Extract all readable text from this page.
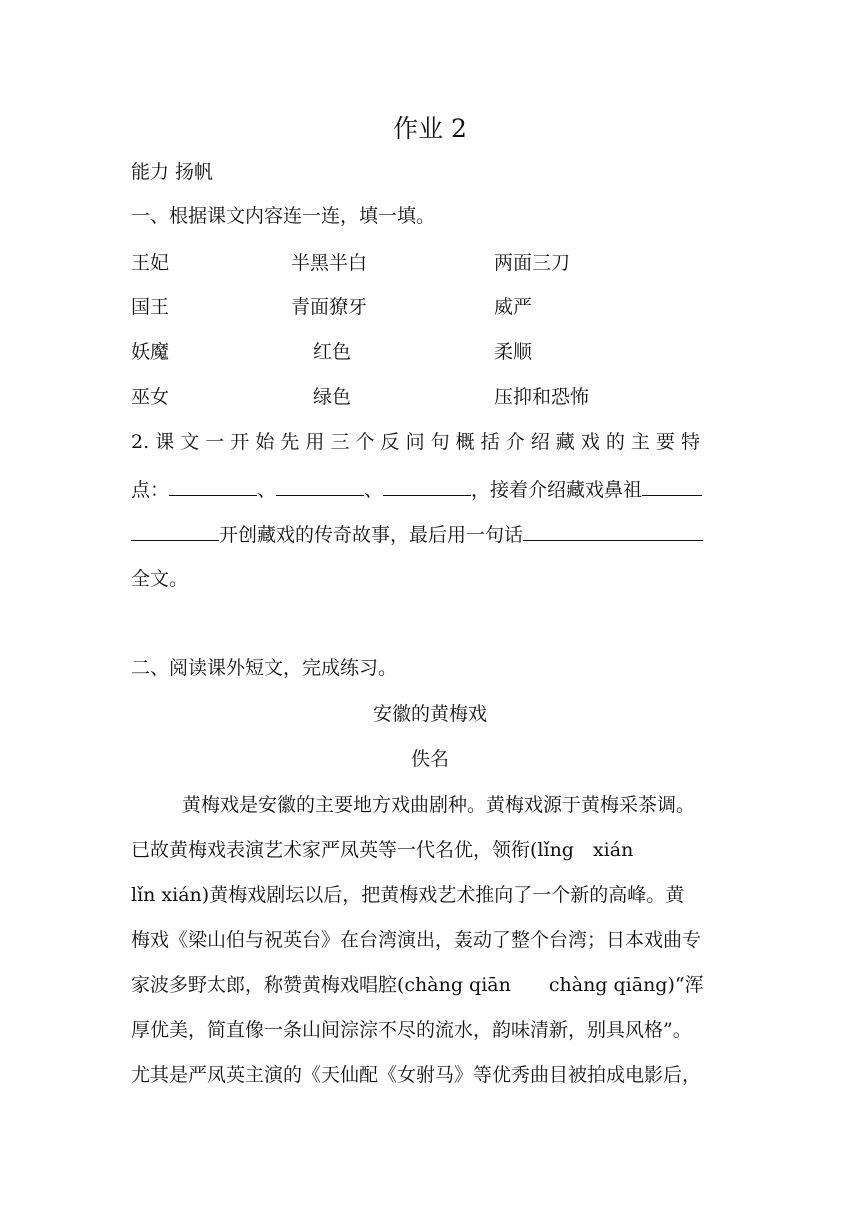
作业 2
能力 扬帆
一、根据课文内容连一连，填一填。
王妃	半黑半白	两面三刀
国王	青面獠牙	威严
妖魔	红色	柔顺
巫女	绿色	压抑和恐怖
2. 课 文 一 开 始 先 用 三 个 反 问 句 概 括 介 绍 藏 戏 的 主 要 特
点：	、	、	，接着介绍藏戏鼻祖
开创藏戏的传奇故事，最后用一句话
全文。
二、阅读课外短文，完成练习。
安徽的黄梅戏
佚名
黄梅戏是安徽的主要地方戏曲剧种。黄梅戏源于黄梅采茶调。
已故黄梅戏表演艺术家严凤英等一代名优，领衔(lǐng　xián
lǐn xián)黄梅戏剧坛以后，把黄梅戏艺术推向了一个新的高峰。黄
梅戏《梁山伯与祝英台》在台湾演出，轰动了整个台湾；日本戏曲专
家波多野太郎，称赞黄梅戏唱腔(chàng qiān　　chàng qiāng)“浑
厚优美，简直像一条山间淙淙不尽的流水，韵味清新，别具风格”。
尤其是严凤英主演的《天仙配《女驸马》等优秀曲目被拍成电影后，
